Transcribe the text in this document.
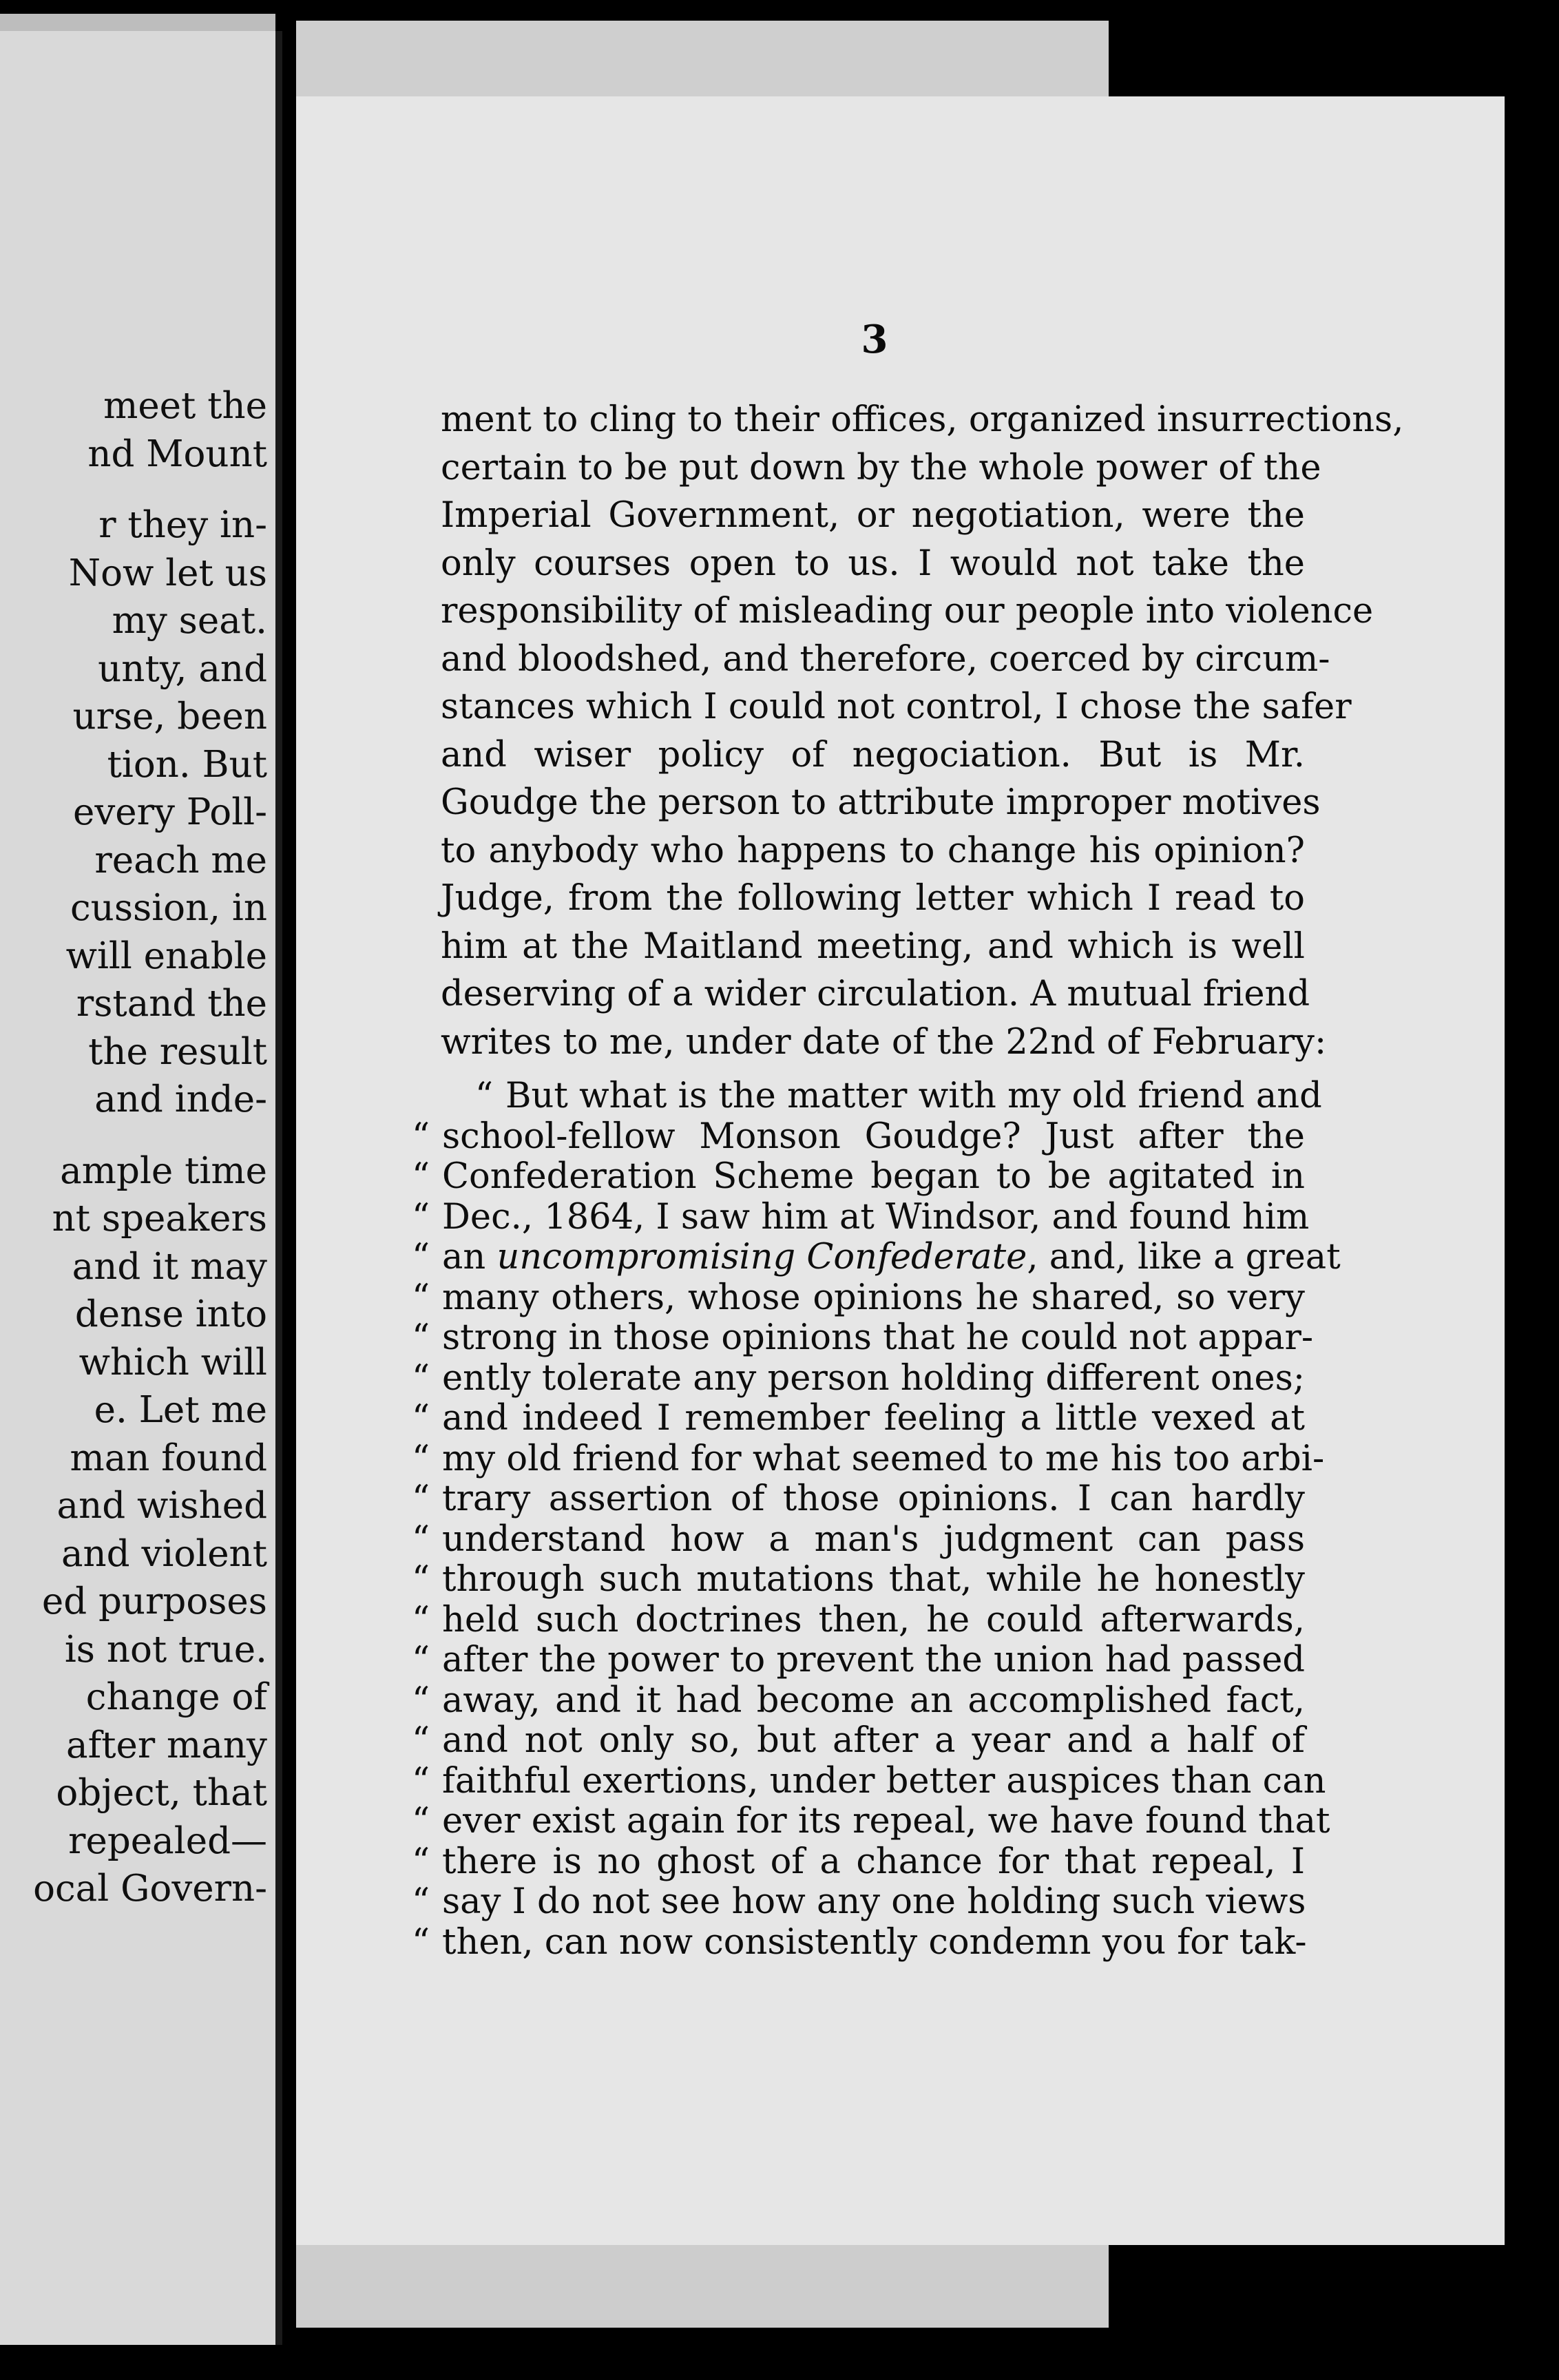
meet the
nd Mount
r they in-
Now let us
my seat.
unty, and
urse, been
tion. But
every Poll-
reach me
cussion, in
will enable
rstand the
the result
and inde-
ample time
nt speakers
and it may
dense into
which will
e. Let me
man found
and wished
and violent
ed purposes
is not true.
change of
after many
object, that
repealed—
ocal Govern-
3
ment to cling to their offices, organized insurrections,
certain to be put down by the whole power of the
Imperial Government, or negotiation, were the
only courses open to us. I would not take the
responsibility of misleading our people into violence
and bloodshed, and therefore, coerced by circum-
stances which I could not control, I chose the safer
and wiser policy of negociation. But is Mr.
Goudge the person to attribute improper motives
to anybody who happens to change his opinion?
Judge, from the following letter which I read to
him at the Maitland meeting, and which is well
deserving of a wider circulation. A mutual friend
writes to me, under date of the 22nd of February:
“ But what is the matter with my old friend and
“ school-fellow Monson Goudge? Just after the
“ Confederation Scheme began to be agitated in
“ Dec., 1864, I saw him at Windsor, and found him
“ an uncompromising Confederate, and, like a great
“ many others, whose opinions he shared, so very
“ strong in those opinions that he could not appar-
“ ently tolerate any person holding different ones;
“ and indeed I remember feeling a little vexed at
“ my old friend for what seemed to me his too arbi-
“ trary assertion of those opinions. I can hardly
“ understand how a man's judgment can pass
“ through such mutations that, while he honestly
“ held such doctrines then, he could afterwards,
“ after the power to prevent the union had passed
“ away, and it had become an accomplished fact,
“ and not only so, but after a year and a half of
“ faithful exertions, under better auspices than can
“ ever exist again for its repeal, we have found that
“ there is no ghost of a chance for that repeal, I
“ say I do not see how any one holding such views
“ then, can now consistently condemn you for tak-
